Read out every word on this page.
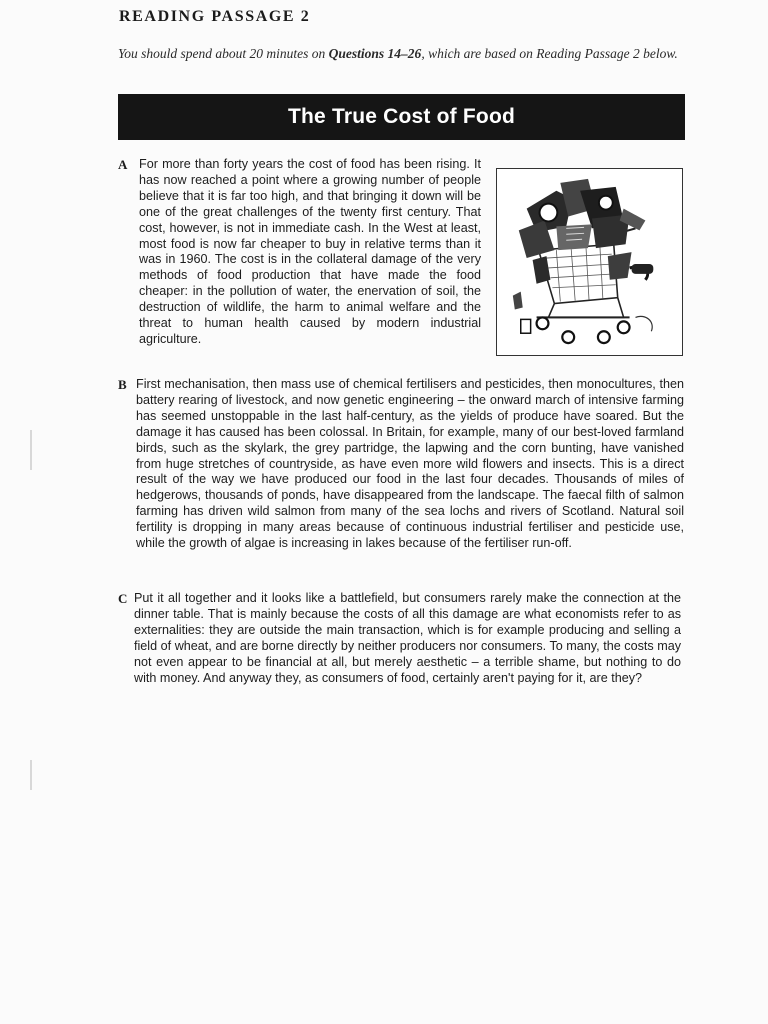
READING PASSAGE 2
You should spend about 20 minutes on Questions 14–26, which are based on Reading Passage 2 below.
The True Cost of Food
A For more than forty years the cost of food has been rising. It has now reached a point where a growing number of people believe that it is far too high, and that bringing it down will be one of the great challenges of the twenty first century. That cost, however, is not in immediate cash. In the West at least, most food is now far cheaper to buy in relative terms than it was in 1960. The cost is in the collateral damage of the very methods of food production that have made the food cheaper: in the pollution of water, the enervation of soil, the destruction of wildlife, the harm to animal welfare and the threat to human health caused by modern industrial agriculture.
B First mechanisation, then mass use of chemical fertilisers and pesticides, then monocultures, then battery rearing of livestock, and now genetic engineering – the onward march of intensive farming has seemed unstoppable in the last half-century, as the yields of produce have soared. But the damage it has caused has been colossal. In Britain, for example, many of our best-loved farmland birds, such as the skylark, the grey partridge, the lapwing and the corn bunting, have vanished from huge stretches of countryside, as have even more wild flowers and insects. This is a direct result of the way we have produced our food in the last four decades. Thousands of miles of hedgerows, thousands of ponds, have disappeared from the landscape. The faecal filth of salmon farming has driven wild salmon from many of the sea lochs and rivers of Scotland. Natural soil fertility is dropping in many areas because of continuous industrial fertiliser and pesticide use, while the growth of algae is increasing in lakes because of the fertiliser run-off.
C Put it all together and it looks like a battlefield, but consumers rarely make the connection at the dinner table. That is mainly because the costs of all this damage are what economists refer to as externalities: they are outside the main transaction, which is for example producing and selling a field of wheat, and are borne directly by neither producers nor consumers. To many, the costs may not even appear to be financial at all, but merely aesthetic – a terrible shame, but nothing to do with money. And anyway they, as consumers of food, certainly aren't paying for it, are they?
